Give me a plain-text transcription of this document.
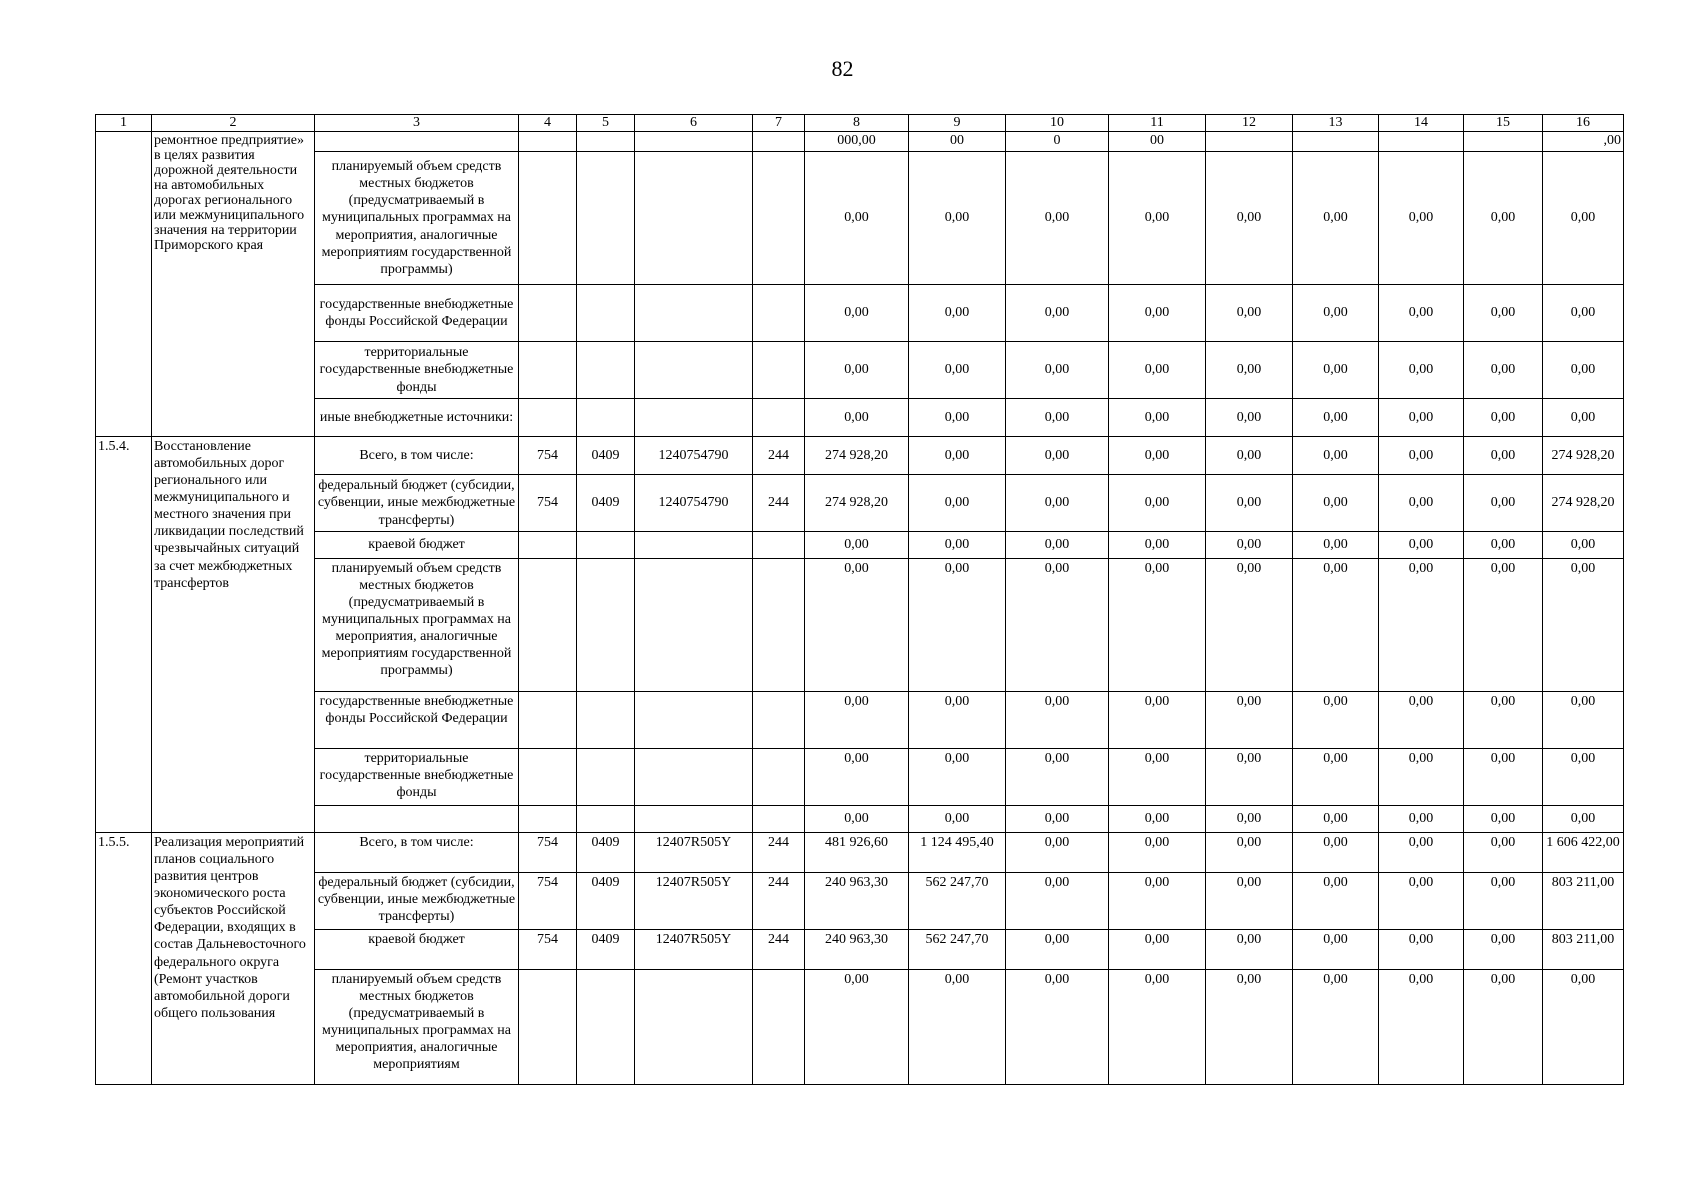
82
1	2	3	4	5	6	7	8	9	10	11	12	13	14	15	16
	ремонтное предприятие» в целях развития дорожной деятельности на автомобильных дорогах регионального или межмуниципального значения на территории Приморского края						000,00	00	0	00					,00
		планируемый объем средств местных бюджетов (предусматриваемый в муниципальных программах на мероприятия, аналогичные мероприятиям государственной программы)					0,00	0,00	0,00	0,00	0,00	0,00	0,00	0,00	0,00
		государственные внебюджетные фонды Российской Федерации					0,00	0,00	0,00	0,00	0,00	0,00	0,00	0,00	0,00
		территориальные государственные внебюджетные фонды					0,00	0,00	0,00	0,00	0,00	0,00	0,00	0,00	0,00
		иные внебюджетные источники:					0,00	0,00	0,00	0,00	0,00	0,00	0,00	0,00	0,00
1.5.4.	Восстановление автомобильных дорог регионального или межмуниципального и местного значения при ликвидации последствий чрезвычайных ситуаций за счет межбюджетных трансфертов	Всего, в том числе:	754	0409	1240754790	244	274 928,20	0,00	0,00	0,00	0,00	0,00	0,00	0,00	274 928,20
		федеральный бюджет (субсидии, субвенции, иные межбюджетные трансферты)	754	0409	1240754790	244	274 928,20	0,00	0,00	0,00	0,00	0,00	0,00	0,00	274 928,20
		краевой бюджет					0,00	0,00	0,00	0,00	0,00	0,00	0,00	0,00	0,00
		планируемый объем средств местных бюджетов (предусматриваемый в муниципальных программах на мероприятия, аналогичные мероприятиям государственной программы)					0,00	0,00	0,00	0,00	0,00	0,00	0,00	0,00	0,00
		государственные внебюджетные фонды Российской Федерации					0,00	0,00	0,00	0,00	0,00	0,00	0,00	0,00	0,00
		территориальные государственные внебюджетные фонды					0,00	0,00	0,00	0,00	0,00	0,00	0,00	0,00	0,00
							0,00	0,00	0,00	0,00	0,00	0,00	0,00	0,00	0,00
1.5.5.	Реализация мероприятий планов социального развития центров экономического роста субъектов Российской Федерации, входящих в состав Дальневосточного федерального округа (Ремонт участков автомобильной дороги общего пользования	Всего, в том числе:	754	0409	12407R505Y	244	481 926,60	1 124 495,40	0,00	0,00	0,00	0,00	0,00	0,00	1 606 422,00
		федеральный бюджет (субсидии, субвенции, иные межбюджетные трансферты)	754	0409	12407R505Y	244	240 963,30	562 247,70	0,00	0,00	0,00	0,00	0,00	0,00	803 211,00
		краевой бюджет	754	0409	12407R505Y	244	240 963,30	562 247,70	0,00	0,00	0,00	0,00	0,00	0,00	803 211,00
		планируемый объем средств местных бюджетов (предусматриваемый в муниципальных программах на мероприятия, аналогичные мероприятиям					0,00	0,00	0,00	0,00	0,00	0,00	0,00	0,00	0,00
